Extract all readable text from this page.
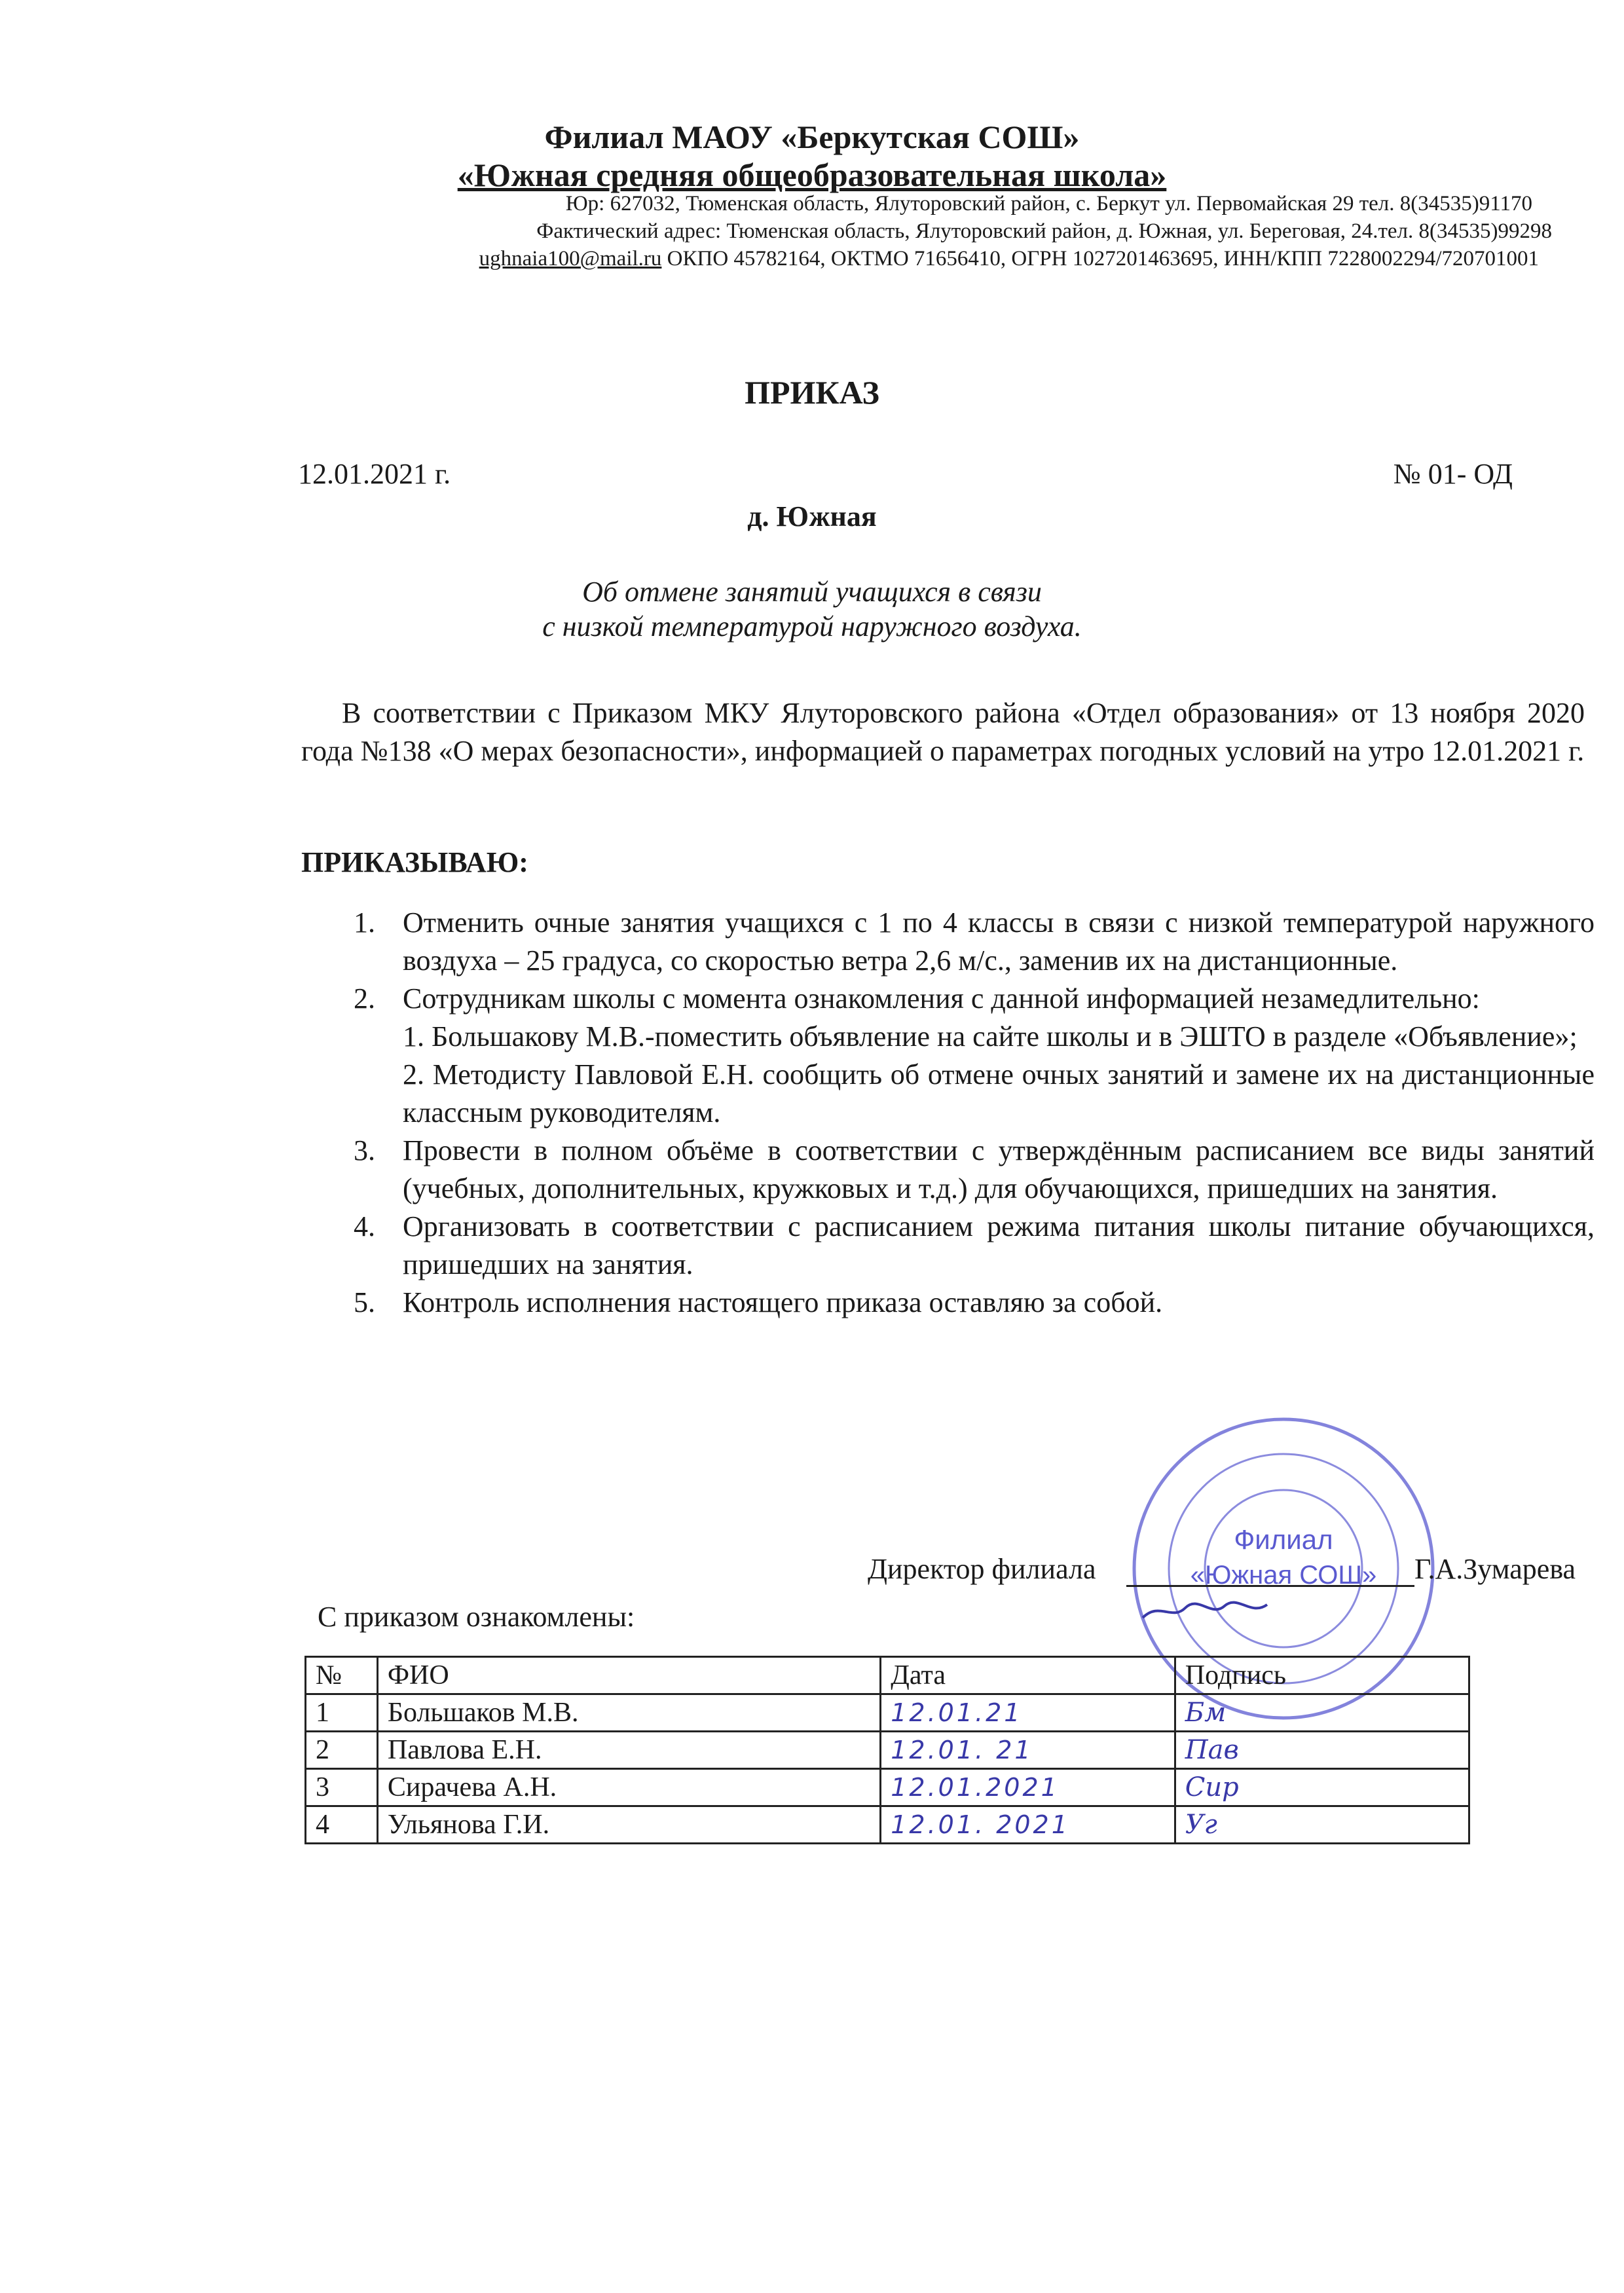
Филиал МАОУ «Беркутская СОШ»
«Южная средняя общеобразовательная школа»
Юр: 627032, Тюменская область, Ялуторовский район, с. Беркут ул. Первомайская 29 тел. 8(34535)91170
Фактический адрес: Тюменская область, Ялуторовский район, д. Южная, ул. Береговая, 24.тел. 8(34535)99298
ughnaia100@mail.ru ОКПО 45782164, ОКТМО 71656410, ОГРН 1027201463695, ИНН/КПП 7228002294/720701001
ПРИКАЗ
12.01.2021 г.	№ 01- ОД
д. Южная
Об отмене занятий учащихся в связи
с низкой температурой наружного воздуха.
В соответствии с Приказом МКУ Ялуторовского района «Отдел образования» от 13 ноября 2020 года №138 «О мерах безопасности», информацией о параметрах погодных условий на утро 12.01.2021 г.
ПРИКАЗЫВАЮ:
1. Отменить очные занятия учащихся с 1 по 4 классы в связи с низкой температурой наружного воздуха – 25 градуса, со скоростью ветра 2,6 м/с., заменив их на дистанционные.
2. Сотрудникам школы с момента ознакомления с данной информацией незамедлительно:
1. Большакову М.В.-поместить объявление на сайте школы и в ЭШТО в разделе «Объявление»;
2. Методисту Павловой Е.Н. сообщить об отмене очных занятий и замене их на дистанционные классным руководителям.
3. Провести в полном объёме в соответствии с утверждённым расписанием все виды занятий (учебных, дополнительных, кружковых и т.д.) для обучающихся, пришедших на занятия.
4. Организовать в соответствии с расписанием режима питания школы питание обучающихся, пришедших на занятия.
5. Контроль исполнения настоящего приказа оставляю за собой.
Филиал
«Южная СОШ»
Директор филиала	Г.А.Зумарева
С приказом ознакомлены:
№	ФИО	Дата	Подпись
1	Большаков М.В.	12.01.21	Бм
2	Павлова Е.Н.	12.01. 21	Пав
3	Сирачева А.Н.	12.01.2021	Сир
4	Ульянова Г.И.	12.01. 2021	Уг
